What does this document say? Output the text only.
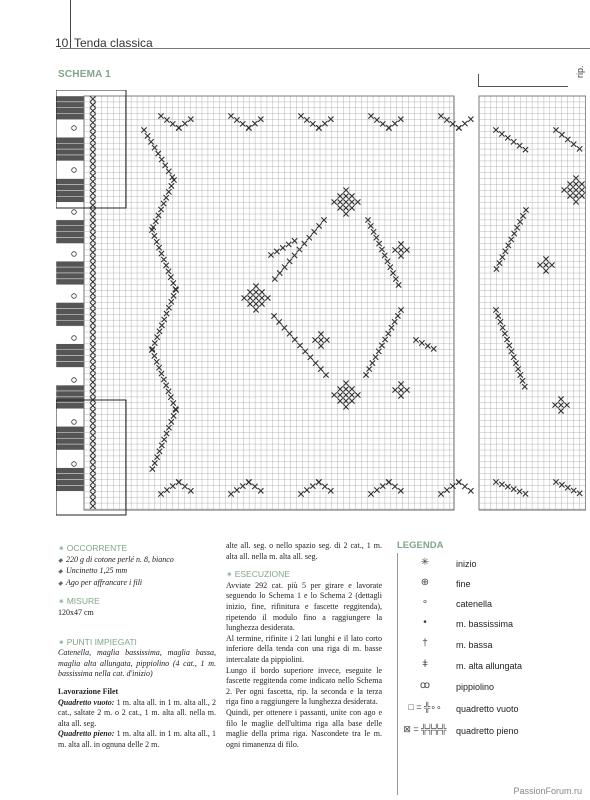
10 Tenda classica
SCHEMA 1	rip.
✴ OCCORRENTE
◆ 220 g di cotone perlé n. 8, bianco
◆ Uncinetto 1,25 mm
◆ Ago per affrancare i fili
✴ MISURE
120x47 cm
✴ PUNTI IMPIEGATI
Catenella, maglia bassissima, maglia bassa, maglia alta allungata, pippiolino (4 cat., 1 m. bassissima nella cat. d'inizio)
Lavorazione Filet
Quadretto vuoto: 1 m. alta all. in 1 m. alta all., 2 cat., saltate 2 m. o 2 cat., 1 m. alta all. nella m. alta all. seg.
Quadretto pieno: 1 m. alta all. in 1 m. alta all., 1 m. alta all. in ognuna delle 2 m.
alte all. seg. o nello spazio seg. di 2 cat., 1 m. alta all. nella m. alta all. seg.
✴ ESECUZIONE
Avviate 292 cat. più 5 per girare e lavorate seguendo lo Schema 1 e lo Schema 2 (dettagli inizio, fine, rifinitura e fascette reggitenda), ripetendo il modulo fino a raggiungere la lunghezza desiderata.
Al termine, rifinite i 2 lati lunghi e il lato corto inferiore della tenda con una riga di m. basse intercalate da pippiolini.
Lungo il bordo superiore invece, eseguite le fascette reggitenda come indicato nello Schema 2. Per ogni fascetta, rip. la seconda e la terza riga fino a raggiungere la lunghezza desiderata.
Quindi, per ottenere i passanti, unite con ago e filo le maglie dell'ultima riga alla base delle maglie della prima riga. Nascondete tra le m. ogni rimanenza di filo.
LEGENDA
✳	inizio
⊕	fine
∘	catenella
•	m. bassissima
†	m. bassa
ǂ	m. alta allungata
ꝏ	pippiolino
□ = ╬∘∘	quadretto vuoto
⊠ = ╬╬╬╬	quadretto pieno
PassionForum.ru
